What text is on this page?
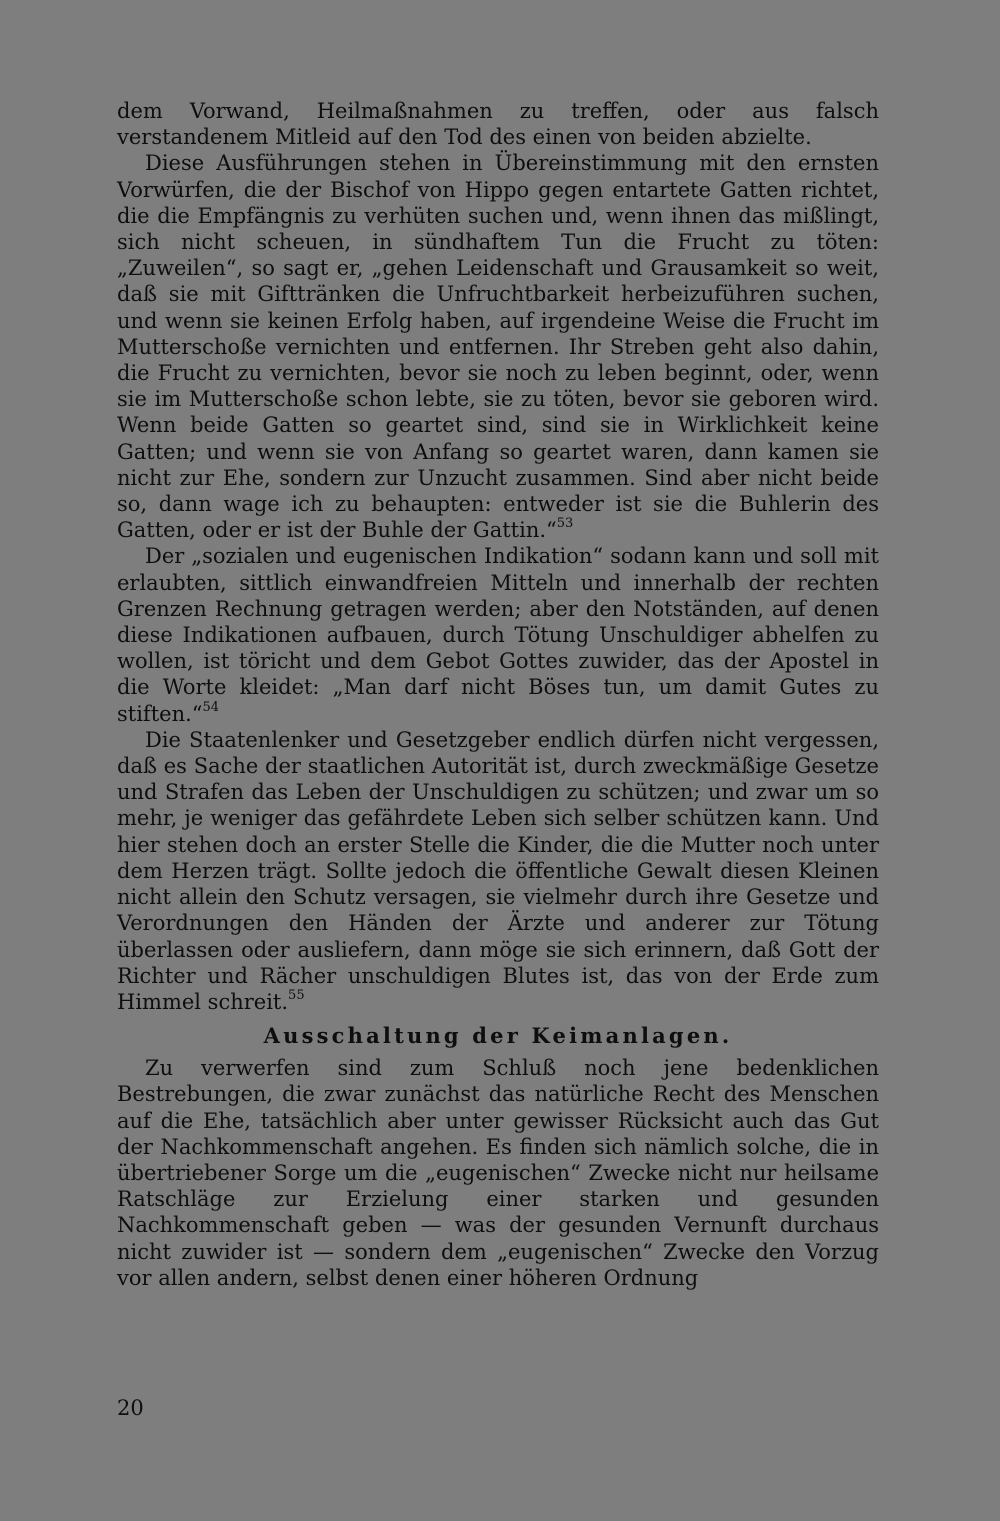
dem Vorwand, Heilmaßnahmen zu treffen, oder aus falsch verstandenem Mitleid auf den Tod des einen von beiden abzielte.

Diese Ausführungen stehen in Übereinstimmung mit den ernsten Vorwürfen, die der Bischof von Hippo gegen entartete Gatten richtet, die die Empfängnis zu verhüten suchen und, wenn ihnen das mißlingt, sich nicht scheuen, in sündhaftem Tun die Frucht zu töten: „Zuweilen“, so sagt er, „gehen Leidenschaft und Grausamkeit so weit, daß sie mit Gifttränken die Unfruchtbarkeit herbeizuführen suchen, und wenn sie keinen Erfolg haben, auf irgendeine Weise die Frucht im Mutterschoße vernichten und entfernen. Ihr Streben geht also dahin, die Frucht zu vernichten, bevor sie noch zu leben beginnt, oder, wenn sie im Mutterschoße schon lebte, sie zu töten, bevor sie geboren wird. Wenn beide Gatten so geartet sind, sind sie in Wirklichkeit keine Gatten; und wenn sie von Anfang so geartet waren, dann kamen sie nicht zur Ehe, sondern zur Unzucht zusammen. Sind aber nicht beide so, dann wage ich zu behaupten: entweder ist sie die Buhlerin des Gatten, oder er ist der Buhle der Gattin.“$^{53}$

Der „sozialen und eugenischen Indikation“ sodann kann und soll mit erlaubten, sittlich einwandfreien Mitteln und innerhalb der rechten Grenzen Rechnung getragen werden; aber den Notständen, auf denen diese Indikationen aufbauen, durch Tötung Unschuldiger abhelfen zu wollen, ist töricht und dem Gebot Gottes zuwider, das der Apostel in die Worte kleidet: „Man darf nicht Böses tun, um damit Gutes zu stiften.“$^{54}$

Die Staatenlenker und Gesetzgeber endlich dürfen nicht vergessen, daß es Sache der staatlichen Autorität ist, durch zweckmäßige Gesetze und Strafen das Leben der Unschuldigen zu schützen; und zwar um so mehr, je weniger das gefährdete Leben sich selber schützen kann. Und hier stehen doch an erster Stelle die Kinder, die die Mutter noch unter dem Herzen trägt. Sollte jedoch die öffentliche Gewalt diesen Kleinen nicht allein den Schutz versagen, sie vielmehr durch ihre Gesetze und Verordnungen den Händen der Ärzte und anderer zur Tötung überlassen oder ausliefern, dann möge sie sich erinnern, daß Gott der Richter und Rächer unschuldigen Blutes ist, das von der Erde zum Himmel schreit.$^{55}$

Ausschaltung der Keimanlagen.

Zu verwerfen sind zum Schluß noch jene bedenklichen Bestrebungen, die zwar zunächst das natürliche Recht des Menschen auf die Ehe, tatsächlich aber unter gewisser Rücksicht auch das Gut der Nachkommenschaft angehen. Es finden sich nämlich solche, die in übertriebener Sorge um die „eugenischen“ Zwecke nicht nur heilsame Ratschläge zur Erzielung einer starken und gesunden Nachkommenschaft geben — was der gesunden Vernunft durchaus nicht zuwider ist — sondern dem „eugenischen“ Zwecke den Vorzug vor allen andern, selbst denen einer höheren Ordnung

20
